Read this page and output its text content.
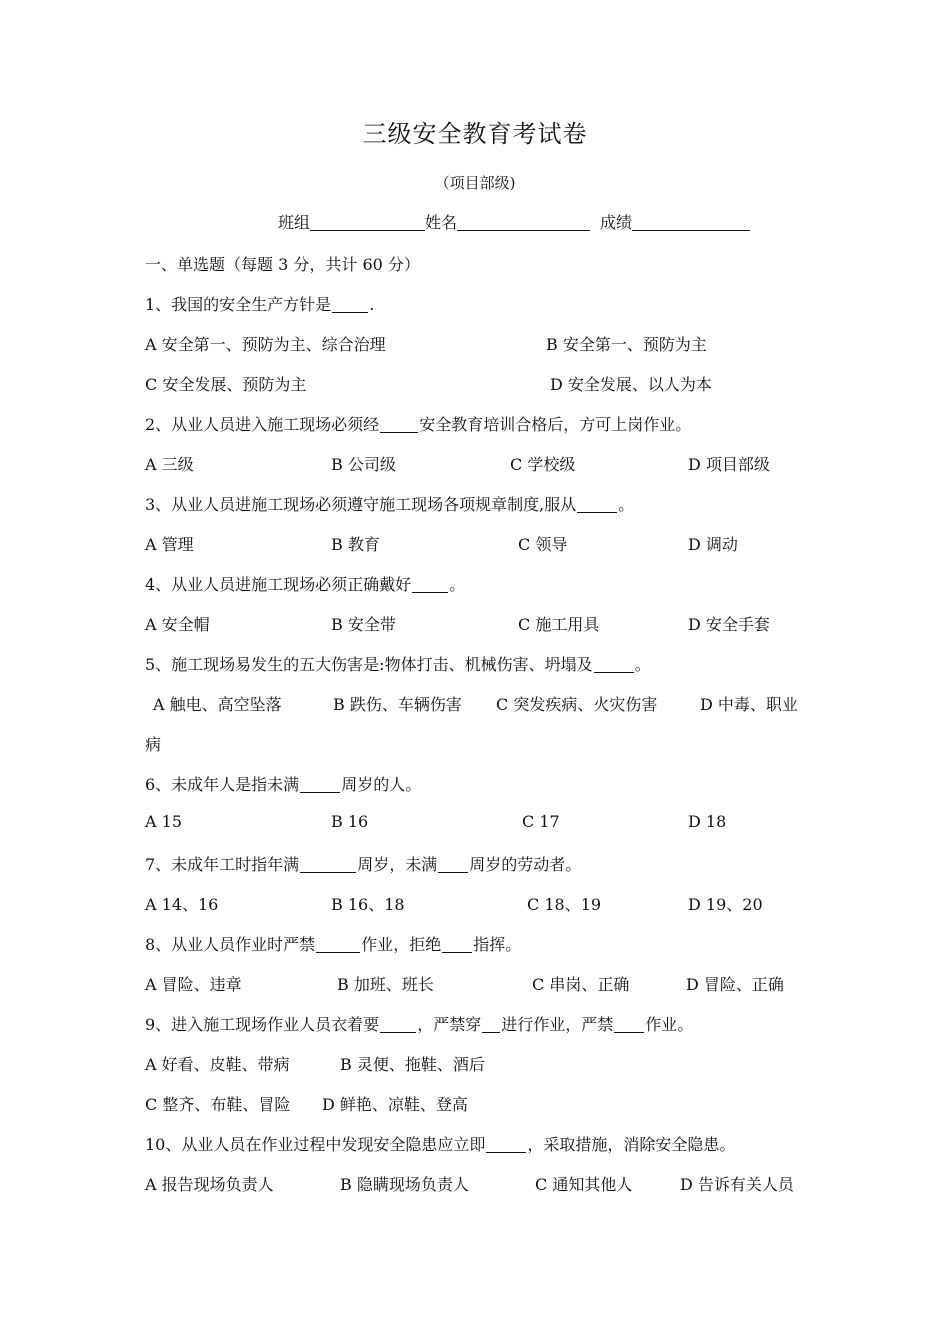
三级安全教育考试卷
（项目部级)
班组	姓名	成绩
一、单选题（每题 3 分，共计 60 分）
1、我国的安全生产方针是 .
A 安全第一、预防为主、综合治理	B 安全第一、预防为主
C 安全发展、预防为主	D 安全发展、以人为本
2、从业人员进入施工现场必须经	安全教育培训合格后，方可上岗作业。
A 三级	B 公司级	C 学校级	D 项目部级
3、从业人员进施工现场必须遵守施工现场各项规章制度,服从	。
A 管理	B 教育	C 领导	D 调动
4、从业人员进施工现场必须正确戴好 。
A 安全帽	B 安全带	C 施工用具	D 安全手套
5、施工现场易发生的五大伤害是:物体打击、机械伤害、坍塌及	。
A 触电、高空坠落	B 跌伤、车辆伤害 C 突发疾病、火灾伤害	D 中毒、职业
病
6、未成年人是指未满	周岁的人。
A 15	B 16	C 17	D 18
7、未成年工时指年满	周岁，未满 周岁的劳动者。
A 14、16	B 16、18	C 18、19	D 19、20
8、从业人员作业时严禁	作业，拒绝 指挥。
A 冒险、违章	B 加班、班长	C 串岗、正确	D 冒险、正确
9、进入施工现场作业人员衣着要 ，严禁穿 进行作业，严禁 作业。
A 好看、皮鞋、带病	B 灵便、拖鞋、酒后
C 整齐、布鞋、冒险 D 鲜艳、凉鞋、登高
10、从业人员在作业过程中发现安全隐患应立即	，采取措施，消除安全隐患。
A 报告现场负责人	B 隐瞒现场负责人	C 通知其他人	D 告诉有关人员
